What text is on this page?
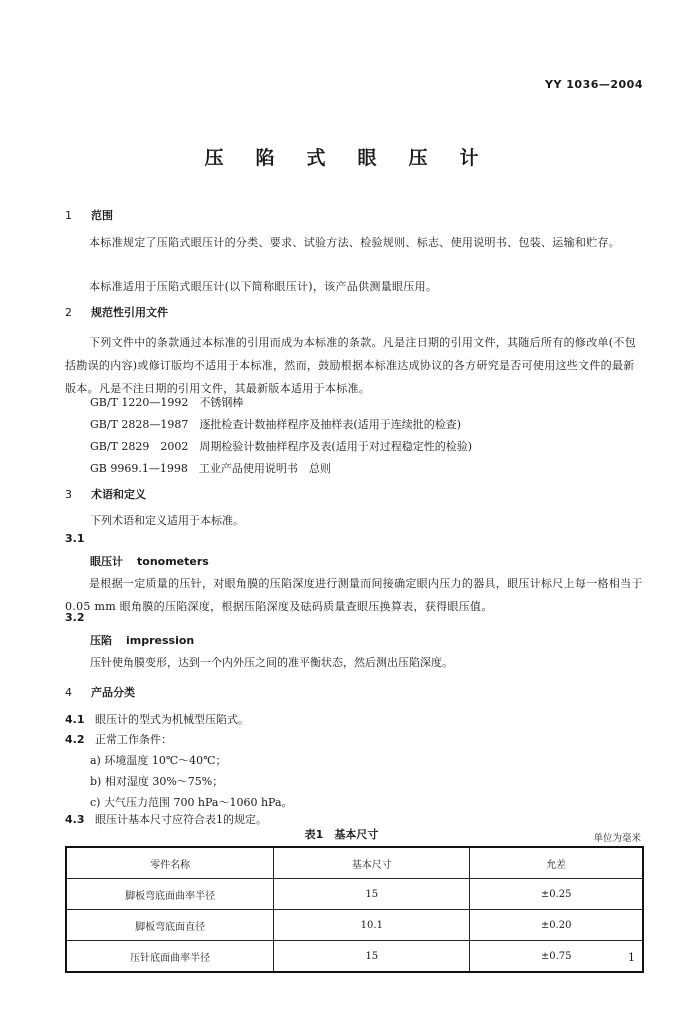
YY 1036—2004
压陷式眼压计
1 范围
本标准规定了压陷式眼压计的分类、要求、试验方法、检验规则、标志、使用说明书、包装、运输和贮存。
本标准适用于压陷式眼压计(以下简称眼压计)，该产品供测量眼压用。
2 规范性引用文件
下列文件中的条款通过本标准的引用而成为本标准的条款。凡是注日期的引用文件，其随后所有的修改单(不包括勘误的内容)或修订版均不适用于本标准，然而，鼓励根据本标准达成协议的各方研究是否可使用这些文件的最新版本。凡是不注日期的引用文件，其最新版本适用于本标准。
GB/T 1220—1992　不锈钢棒
GB/T 2828—1987　逐批检查计数抽样程序及抽样表(适用于连续批的检查)
GB/T 2829　2002　周期检验计数抽样程序及表(适用于对过程稳定性的检验)
GB 9969.1—1998　工业产品使用说明书　总则
3 术语和定义
下列术语和定义适用于本标准。
3.1
眼压计 tonometers
是根据一定质量的压针，对眼角膜的压陷深度进行测量而间接确定眼内压力的器具，眼压计标尺上每一格相当于 0.05 mm 眼角膜的压陷深度，根据压陷深度及砝码质量查眼压换算表，获得眼压值。
3.2
压陷 impression
压针使角膜变形，达到一个内外压之间的准平衡状态，然后测出压陷深度。
4 产品分类
4.1 眼压计的型式为机械型压陷式。
4.2 正常工作条件：
a) 环境温度 10℃～40℃；
b) 相对湿度 30%～75%；
c) 大气压力范围 700 hPa～1060 hPa。
4.3 眼压计基本尺寸应符合表1的规定。
表1　基本尺寸	单位为毫米
零件名称	基本尺寸	允差
脚板弯底面曲率半径	15	±0.25
脚板弯底面直径	10.1	±0.20
压针底面曲率半径	15	±0.75	1
